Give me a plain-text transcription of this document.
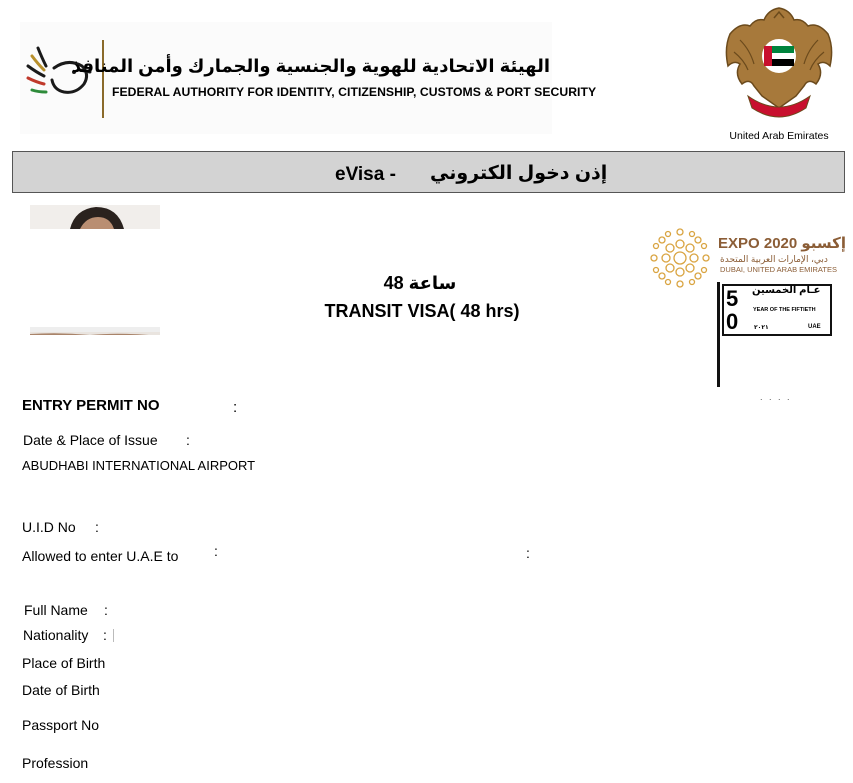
الهيئة الاتحادية للهوية والجنسية والجمارك وأمن المنافذ
FEDERAL AUTHORITY FOR IDENTITY, CITIZENSHIP, CUSTOMS & PORT SECURITY
United Arab Emirates
eVisa - إذن دخول الكتروني
48 ساعة
TRANSIT VISA( 48 hrs)
EXPO 2020 إكسبو
دبي، الإمارات العربية المتحدة
DUBAI, UNITED ARAB EMIRATES
5
0
عـام الخمسين
YEAR OF THE FIFTIETH
٢٠٢١	UAE
ENTRY PERMIT NO	:
. . . .
Date & Place of Issue :
ABUDHABI INTERNATIONAL AIRPORT
U.I.D No :
Allowed to enter U.A.E to	:	:
Full Name :
Nationality :
Place of Birth
Date of Birth
Passport No
Profession
